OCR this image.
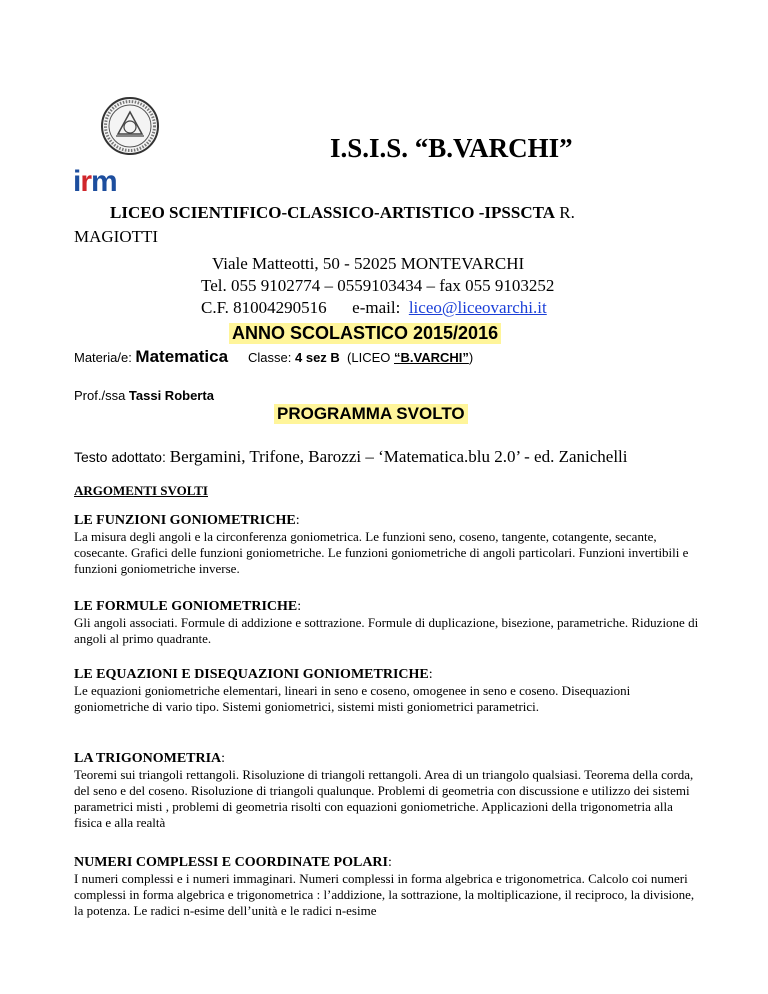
irm
I.S.I.S. “B.VARCHI”
LICEO SCIENTIFICO-CLASSICO-ARTISTICO -IPSSCTA R.
MAGIOTTI
Viale Matteotti, 50 - 52025 MONTEVARCHI
Tel. 055 9102774 – 0559103434 – fax 055 9103252
C.F. 81004290516      e-mail:  liceo@liceovarchi.it
ANNO SCOLASTICO 2015/2016
Materia/e: Matematica Classe: 4 sez B  (LICEO “B.VARCHI”)
Prof./ssa Tassi Roberta
PROGRAMMA SVOLTO
Testo adottato: Bergamini, Trifone, Barozzi – ‘Matematica.blu 2.0’ - ed. Zanichelli
ARGOMENTI SVOLTI
LE FUNZIONI GONIOMETRICHE:
La misura degli angoli e la circonferenza goniometrica. Le funzioni seno, coseno, tangente, cotangente, secante, cosecante. Grafici delle funzioni goniometriche. Le funzioni goniometriche di angoli particolari. Funzioni invertibili e funzioni goniometriche inverse.
LE FORMULE GONIOMETRICHE:
Gli angoli associati. Formule di addizione e sottrazione. Formule di duplicazione, bisezione, parametriche. Riduzione di angoli al primo quadrante.
LE EQUAZIONI E DISEQUAZIONI GONIOMETRICHE:
Le equazioni goniometriche elementari, lineari in seno e coseno, omogenee in seno e coseno. Disequazioni goniometriche di vario tipo. Sistemi goniometrici, sistemi misti goniometrici parametrici.
LA TRIGONOMETRIA:
Teoremi sui triangoli rettangoli. Risoluzione di triangoli rettangoli. Area di un triangolo qualsiasi. Teorema della corda, del seno e del coseno. Risoluzione di triangoli qualunque. Problemi di geometria con discussione e utilizzo dei sistemi parametrici misti , problemi di geometria risolti con equazioni goniometriche. Applicazioni della trigonometria alla fisica e alla realtà
NUMERI COMPLESSI E COORDINATE POLARI:
I numeri complessi e i numeri immaginari. Numeri complessi in forma algebrica e trigonometrica. Calcolo coi numeri complessi in forma algebrica e trigonometrica : l’addizione, la sottrazione, la moltiplicazione, il reciproco, la divisione, la potenza. Le radici n-esime dell’unità e le radici n-esime
